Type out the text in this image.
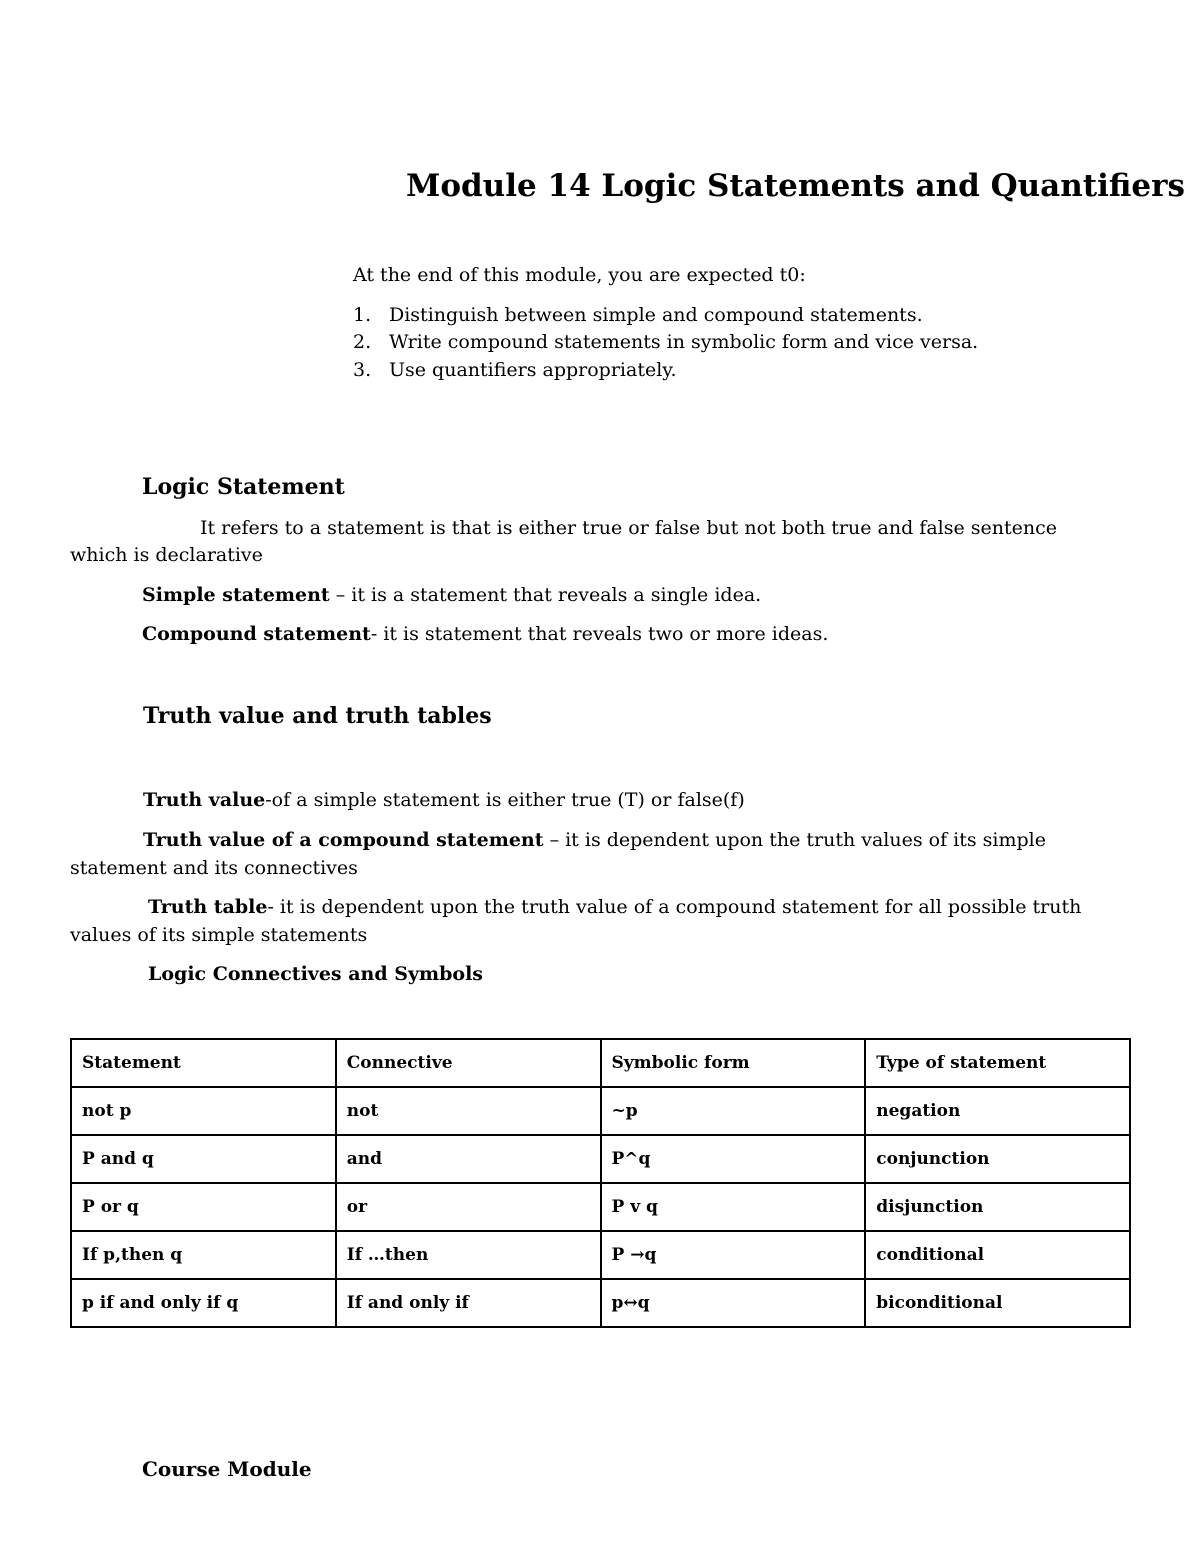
Module 14 Logic Statements and Quantifiers
At the end of this module, you are expected t0:
1. Distinguish between simple and compound statements.
2. Write compound statements in symbolic form and vice versa.
3. Use quantifiers appropriately.
Logic Statement
It refers to a statement is that is either true or false but not both true and false sentence
which is declarative
Simple statement – it is a statement that reveals a single idea.
Compound statement- it is statement that reveals two or more ideas.
Truth value and truth tables
Truth value-of a simple statement is either true (T) or false(f)
Truth value of a compound statement – it is dependent upon the truth values of its simple
statement and its connectives
Truth table- it is dependent upon the truth value of a compound statement for all possible truth
values of its simple statements
Logic Connectives and Symbols
Statement	Connective	Symbolic form	Type of statement
not p	not	~p	negation
P and q	and	P^q	conjunction
P or q	or	P v q	disjunction
If p,then q	If …then	P →q	conditional
p if and only if q	If and only if	p↔q	biconditional
Course Module
